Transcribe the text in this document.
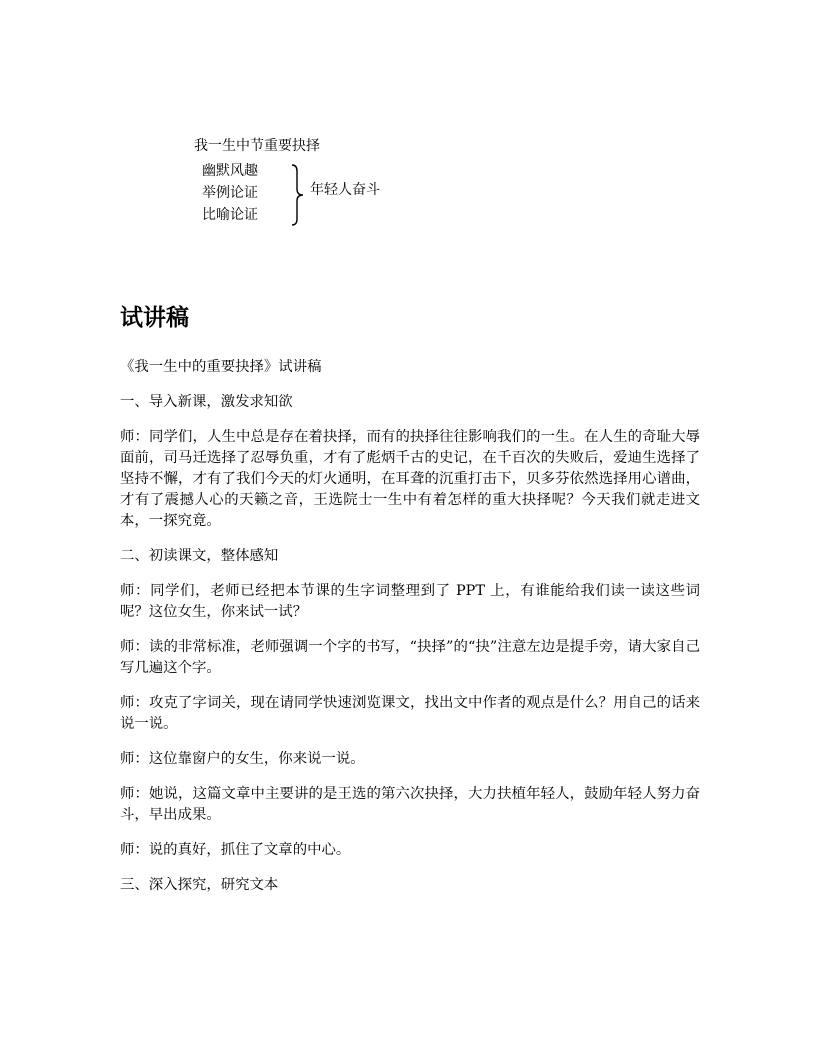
我一生中节重要抉择
幽默风趣
举例论证
比喻论证
年轻人奋斗
试讲稿

《我一生中的重要抉择》试讲稿

一、导入新课，激发求知欲

师：同学们，人生中总是存在着抉择，而有的抉择往往影响我们的一生。在人生的奇耻大辱面前，司马迁选择了忍辱负重，才有了彪炳千古的史记，在千百次的失败后，爱迪生选择了坚持不懈，才有了我们今天的灯火通明，在耳聋的沉重打击下，贝多芬依然选择用心谱曲，才有了震撼人心的天籁之音，王选院士一生中有着怎样的重大抉择呢？今天我们就走进文本，一探究竟。

二、初读课文，整体感知

师：同学们，老师已经把本节课的生字词整理到了 PPT 上，有谁能给我们读一读这些词呢？这位女生，你来试一试？

师：读的非常标准，老师强调一个字的书写，“抉择”的“抉”注意左边是提手旁，请大家自己写几遍这个字。

师：攻克了字词关，现在请同学快速浏览课文，找出文中作者的观点是什么？用自己的话来说一说。

师：这位靠窗户的女生，你来说一说。

师：她说，这篇文章中主要讲的是王选的第六次抉择，大力扶植年轻人，鼓励年轻人努力奋斗，早出成果。

师：说的真好，抓住了文章的中心。

三、深入探究，研究文本
